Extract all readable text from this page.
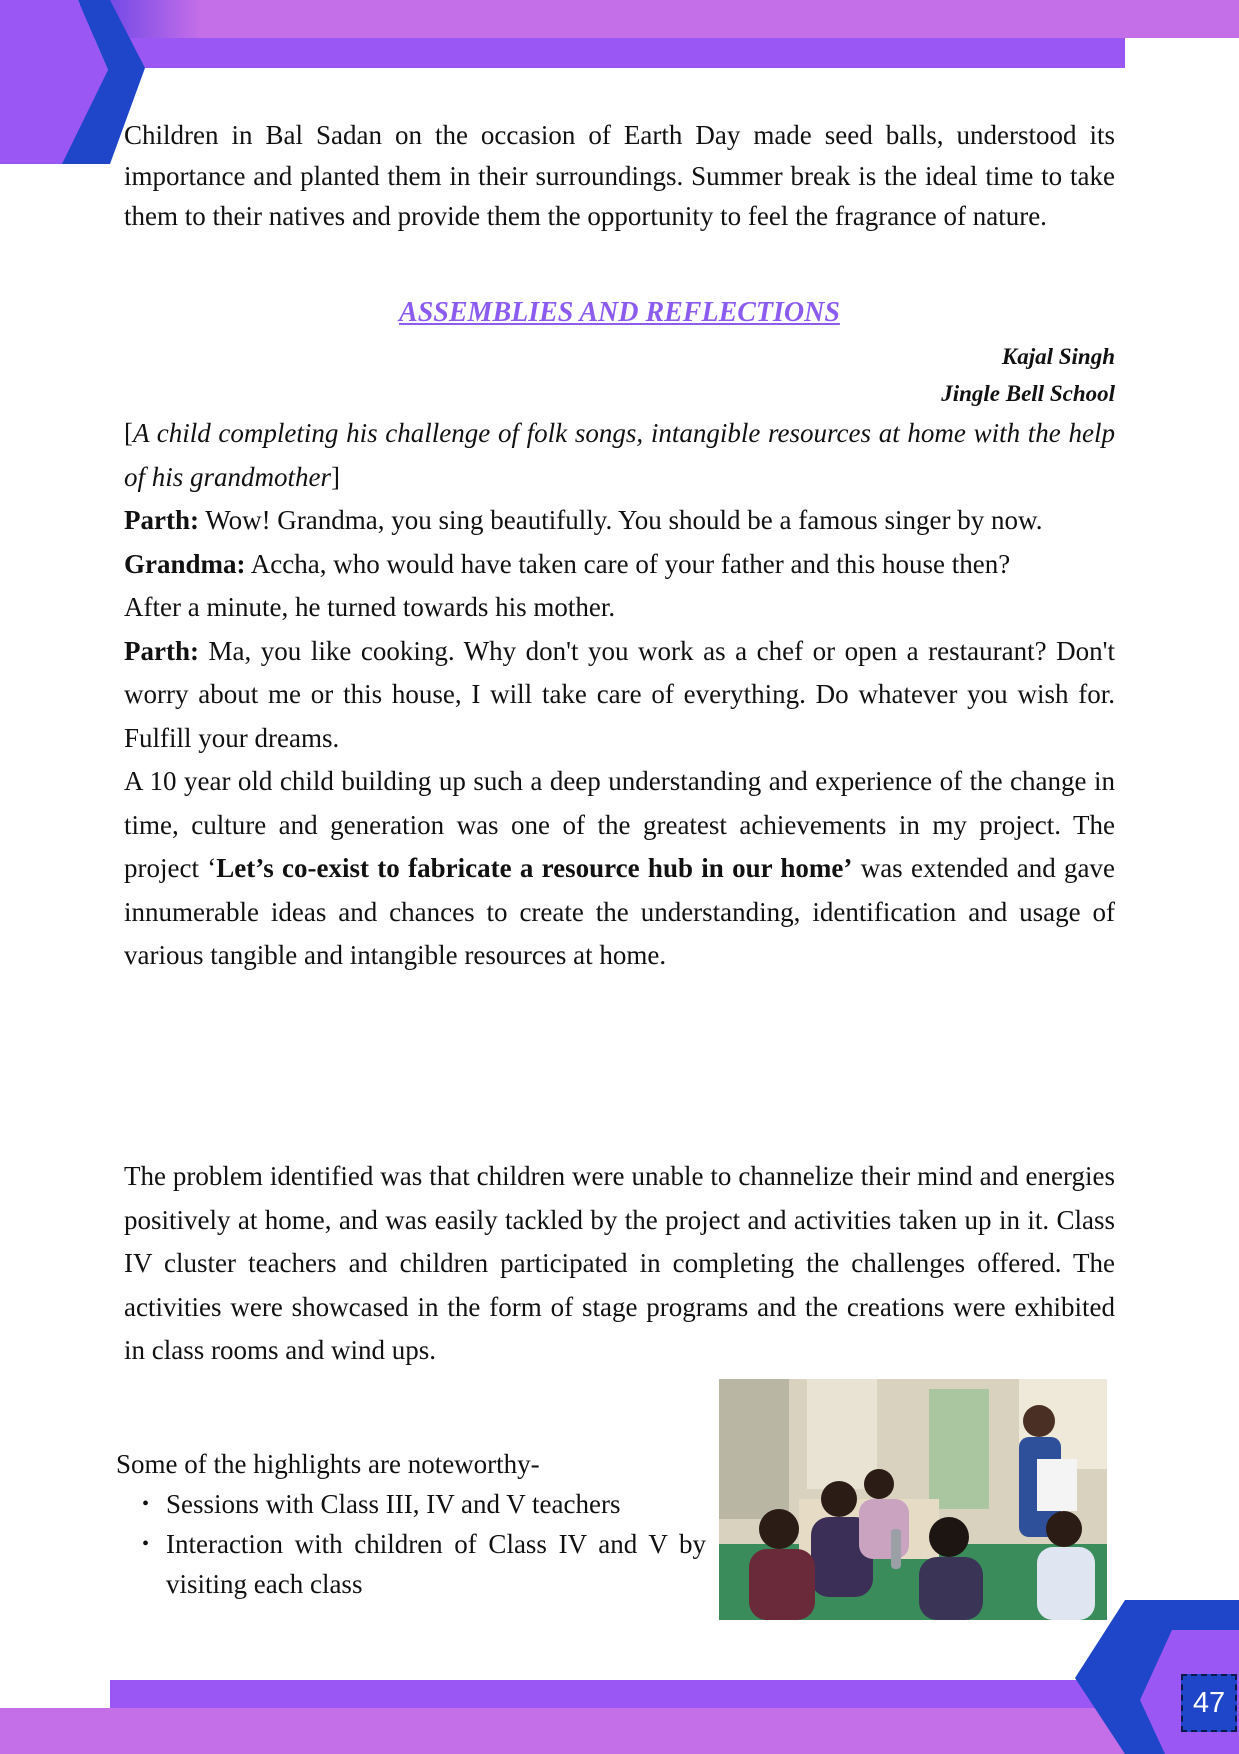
Children in Bal Sadan on the occasion of Earth Day made seed balls, understood its importance and planted them in their surroundings. Summer break is the ideal time to take them to their natives and provide them the opportunity to feel the fragrance of nature.

ASSEMBLIES AND REFLECTIONS
Kajal Singh
Jingle Bell School

[A child completing his challenge of folk songs, intangible resources at home with the help of his grandmother]

Parth: Wow! Grandma, you sing beautifully. You should be a famous singer by now.

Grandma: Accha, who would have taken care of your father and this house then?

After a minute, he turned towards his mother.

Parth: Ma, you like cooking. Why don't you work as a chef or open a restaurant? Don't worry about me or this house, I will take care of everything. Do whatever you wish for. Fulfill your dreams.

A 10 year old child building up such a deep understanding and experience of the change in time, culture and generation was one of the greatest achievements in my project. The project ‘Let’s co-exist to fabricate a resource hub in our home’ was extended and gave innumerable ideas and chances to create the understanding, identification and usage of various tangible and intangible resources at home.

The problem identified was that children were unable to channelize their mind and energies positively at home, and was easily tackled by the project and activities taken up in it. Class IV cluster teachers and children participated in completing the challenges offered. The activities were showcased in the form of stage programs and the creations were exhibited in class rooms and wind ups.

Some of the highlights are noteworthy-
• Sessions with Class III, IV and V teachers
• Interaction with children of Class IV and V by visiting each class
47
